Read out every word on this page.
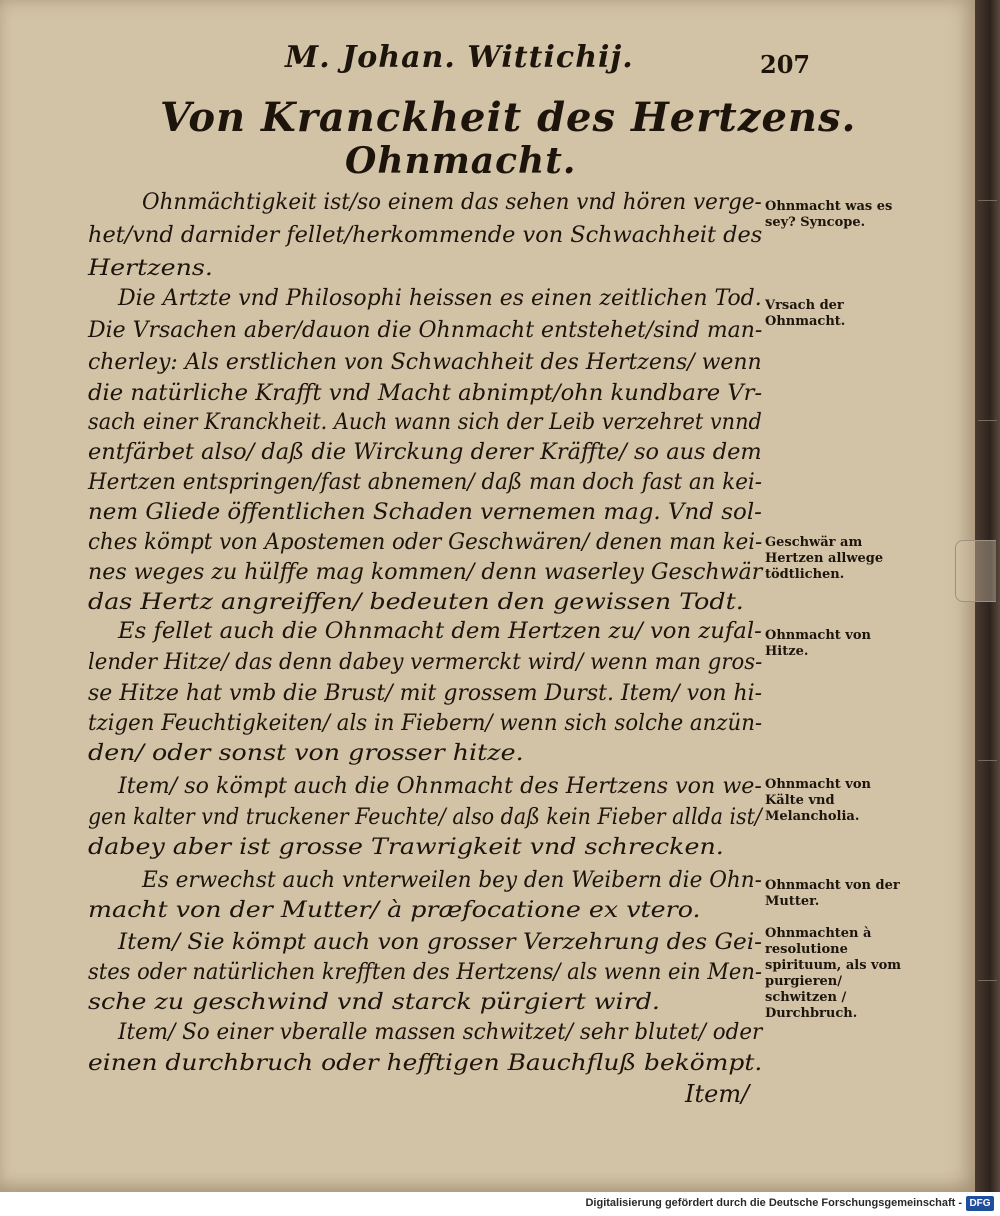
M. Johan. Wittichij.	207
Von Kranckheit des Hertzens.
Ohnmacht.
Ohnmächtigkeit ist/so einem das sehen vnd hören verge-
het/vnd darnider fellet/herkommende von Schwachheit des
Hertzens.
Die Artzte vnd Philosophi heissen es einen zeitlichen Tod.
Die Vrsachen aber/dauon die Ohnmacht entstehet/sind man-
cherley: Als erstlichen von Schwachheit des Hertzens/ wenn
die natürliche Krafft vnd Macht abnimpt/ohn kundbare Vr-
sach einer Kranckheit. Auch wann sich der Leib verzehret vnnd
entfärbet also/ daß die Wirckung derer Kräffte/ so aus dem
Hertzen entspringen/fast abnemen/ daß man doch fast an kei-
nem Gliede öffentlichen Schaden vernemen mag. Vnd sol-
ches kömpt von Apostemen oder Geschwären/ denen man kei-
nes weges zu hülffe mag kommen/ denn waserley Geschwär
das Hertz angreiffen/ bedeuten den gewissen Todt.
Es fellet auch die Ohnmacht dem Hertzen zu/ von zufal-
lender Hitze/ das denn dabey vermerckt wird/ wenn man gros-
se Hitze hat vmb die Brust/ mit grossem Durst. Item/ von hi-
tzigen Feuchtigkeiten/ als in Fiebern/ wenn sich solche anzün-
den/ oder sonst von grosser hitze.
Item/ so kömpt auch die Ohnmacht des Hertzens von we-
gen kalter vnd truckener Feuchte/ also daß kein Fieber allda ist/
dabey aber ist grosse Trawrigkeit vnd schrecken.
Es erwechst auch vnterweilen bey den Weibern die Ohn-
macht von der Mutter/ à præfocatione ex vtero.
Item/ Sie kömpt auch von grosser Verzehrung des Gei-
stes oder natürlichen krefften des Hertzens/ als wenn ein Men-
sche zu geschwind vnd starck pürgiert wird.
Item/ So einer vberalle massen schwitzet/ sehr blutet/ oder
einen durchbruch oder hefftigen Bauchfluß bekömpt.
Ohnmacht was es sey? Syncope.
Vrsach der Ohnmacht.
Geschwär am Hertzen allwege tödtlichen.
Ohnmacht von Hitze.
Ohnmacht von Kälte vnd Melancholia.
Ohnmacht von der Mutter.
Ohnmachten à resolutione spirituum, als vom purgieren/ schwitzen / Durchbruch.
Item/
Digitalisierung gefördert durch die Deutsche Forschungsgemeinschaft - DFG
